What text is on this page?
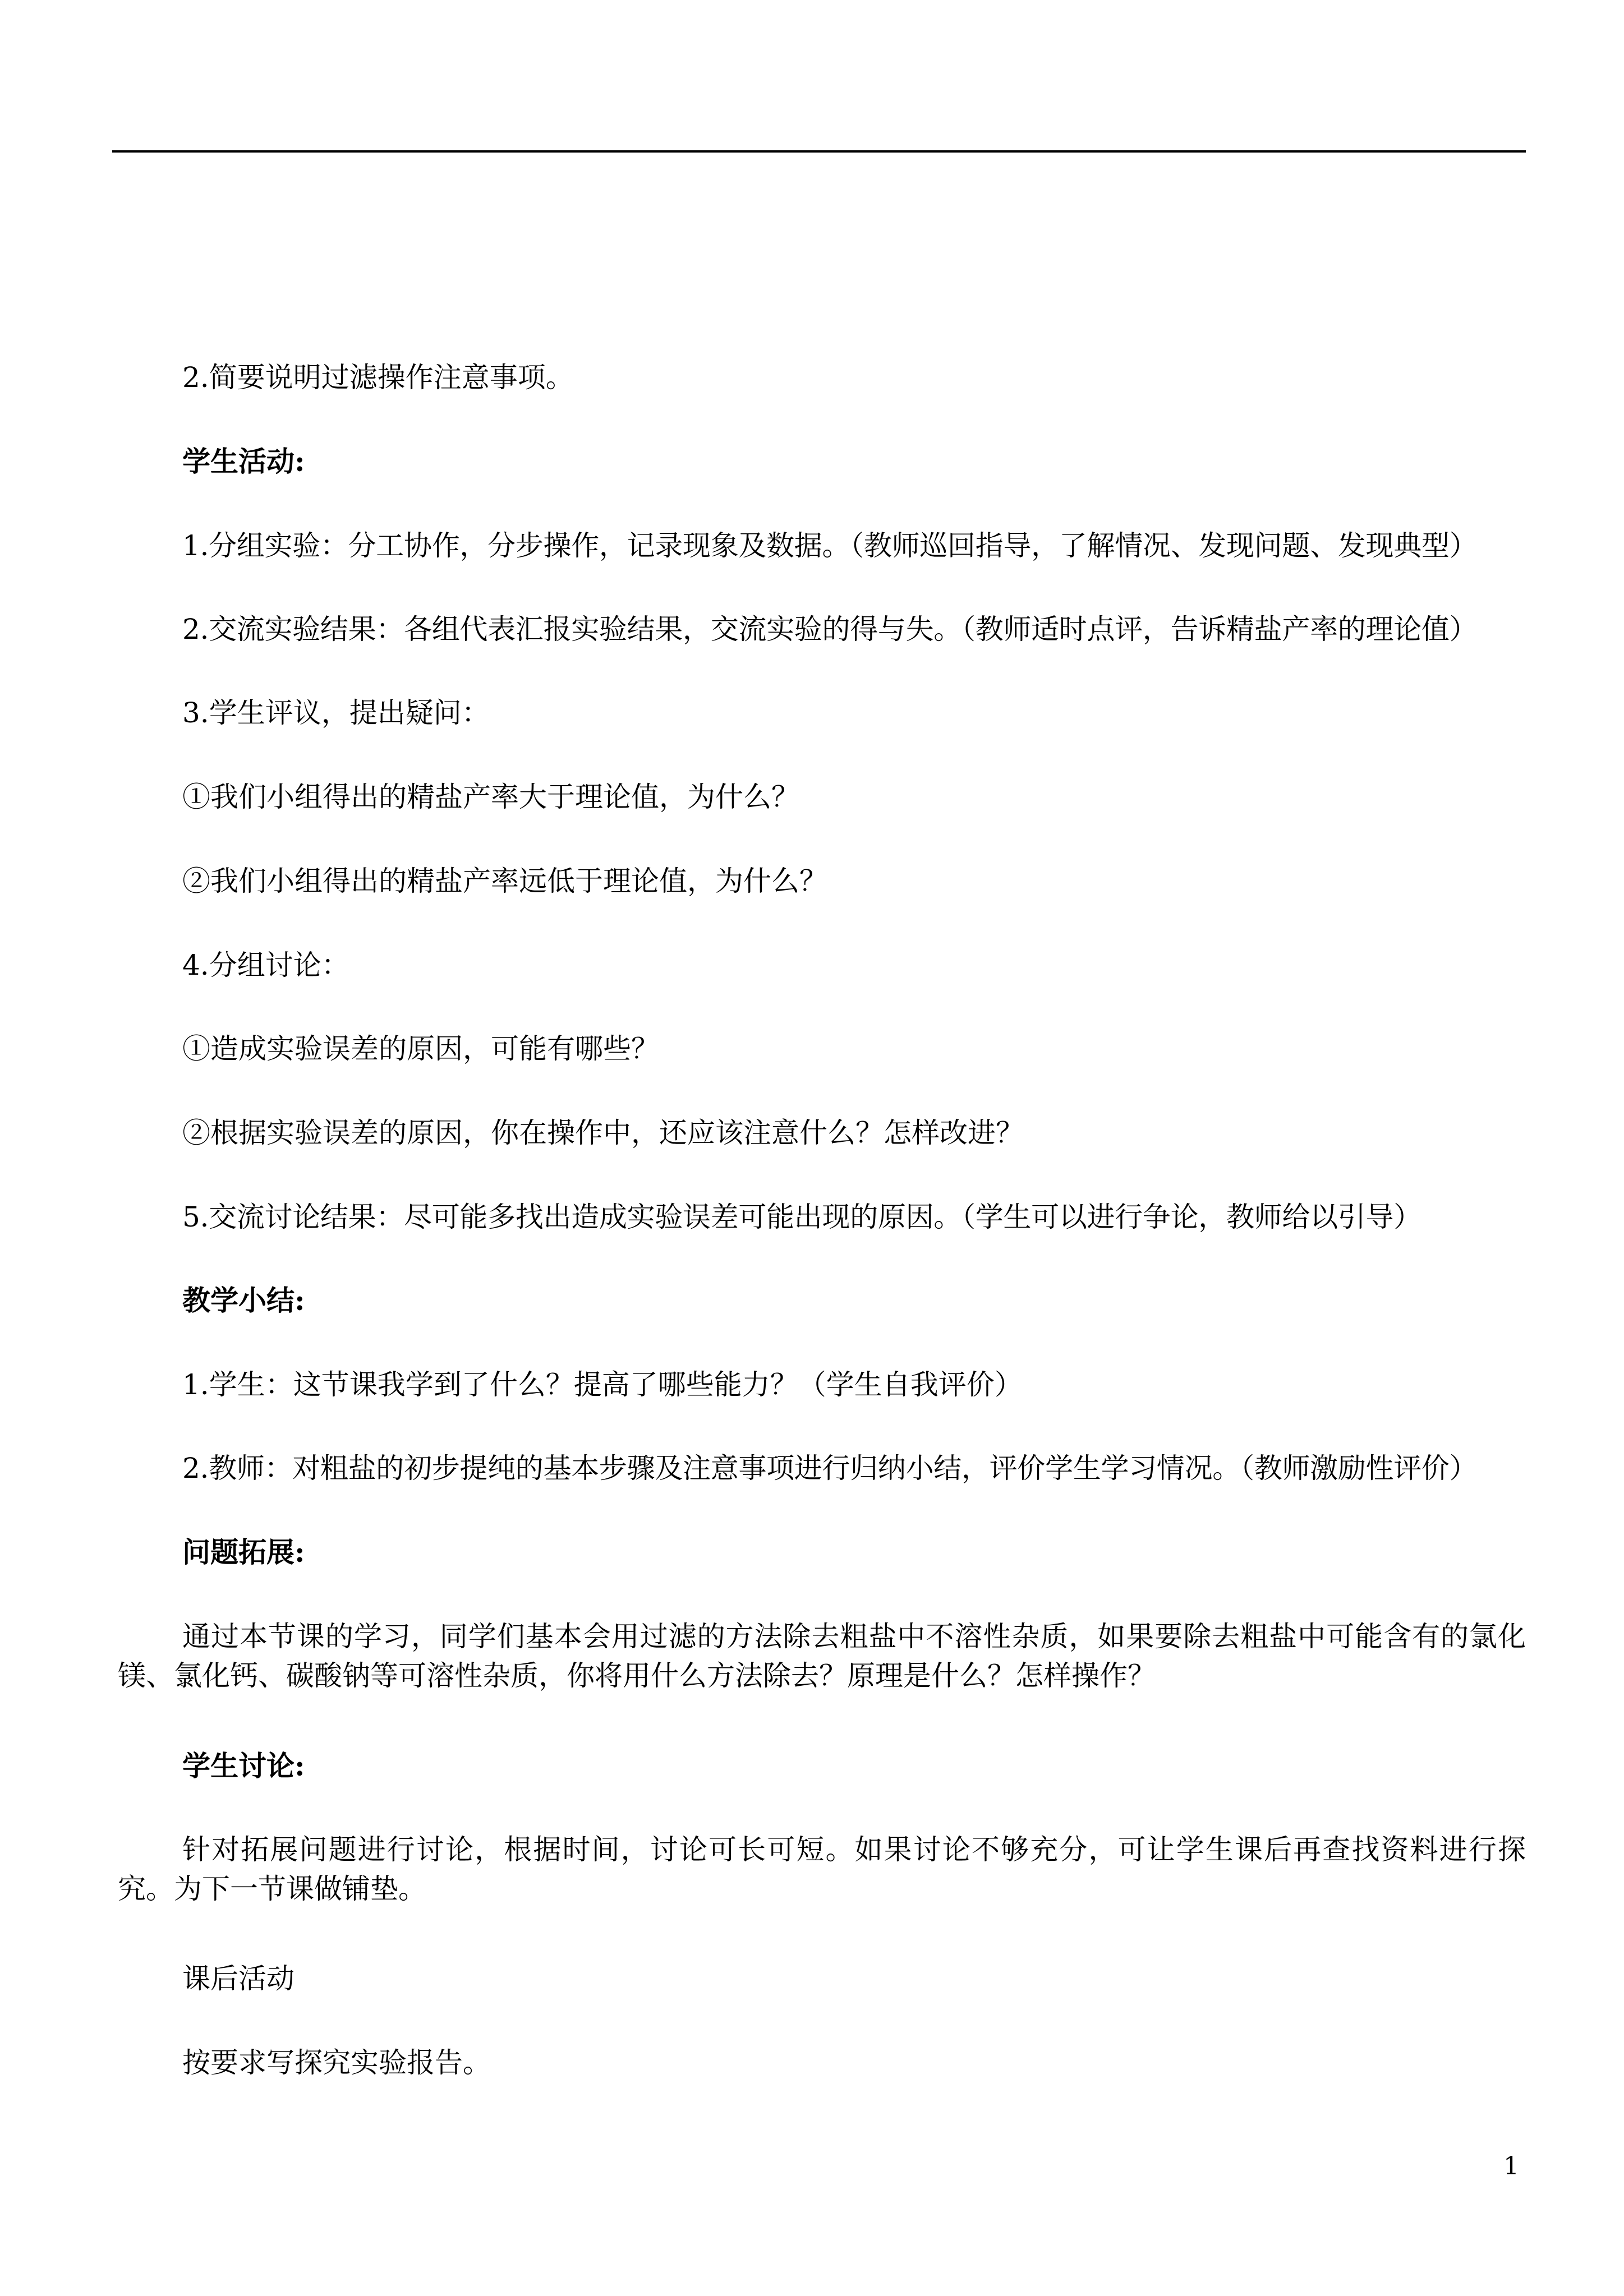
2.简要说明过滤操作注意事项。
学生活动:
1.分组实验：分工协作，分步操作，记录现象及数据。（教师巡回指导，了解情况、发现问题、发现典型）
2.交流实验结果：各组代表汇报实验结果，交流实验的得与失。（教师适时点评，告诉精盐产率的理论值）
3.学生评议，提出疑问：
①我们小组得出的精盐产率大于理论值，为什么？
②我们小组得出的精盐产率远低于理论值，为什么？
4.分组讨论：
①造成实验误差的原因，可能有哪些？
②根据实验误差的原因，你在操作中，还应该注意什么？怎样改进？
5.交流讨论结果：尽可能多找出造成实验误差可能出现的原因。（学生可以进行争论，教师给以引导）
教学小结:
1.学生：这节课我学到了什么？提高了哪些能力？（学生自我评价）
2.教师：对粗盐的初步提纯的基本步骤及注意事项进行归纳小结，评价学生学习情况。（教师激励性评价）
问题拓展:
通过本节课的学习，同学们基本会用过滤的方法除去粗盐中不溶性杂质，如果要除去粗盐中可能含有的氯化镁、氯化钙、碳酸钠等可溶性杂质，你将用什么方法除去？原理是什么？怎样操作？
学生讨论:
针对拓展问题进行讨论，根据时间，讨论可长可短。如果讨论不够充分，可让学生课后再查找资料进行探究。为下一节课做铺垫。
课后活动
按要求写探究实验报告。
1
